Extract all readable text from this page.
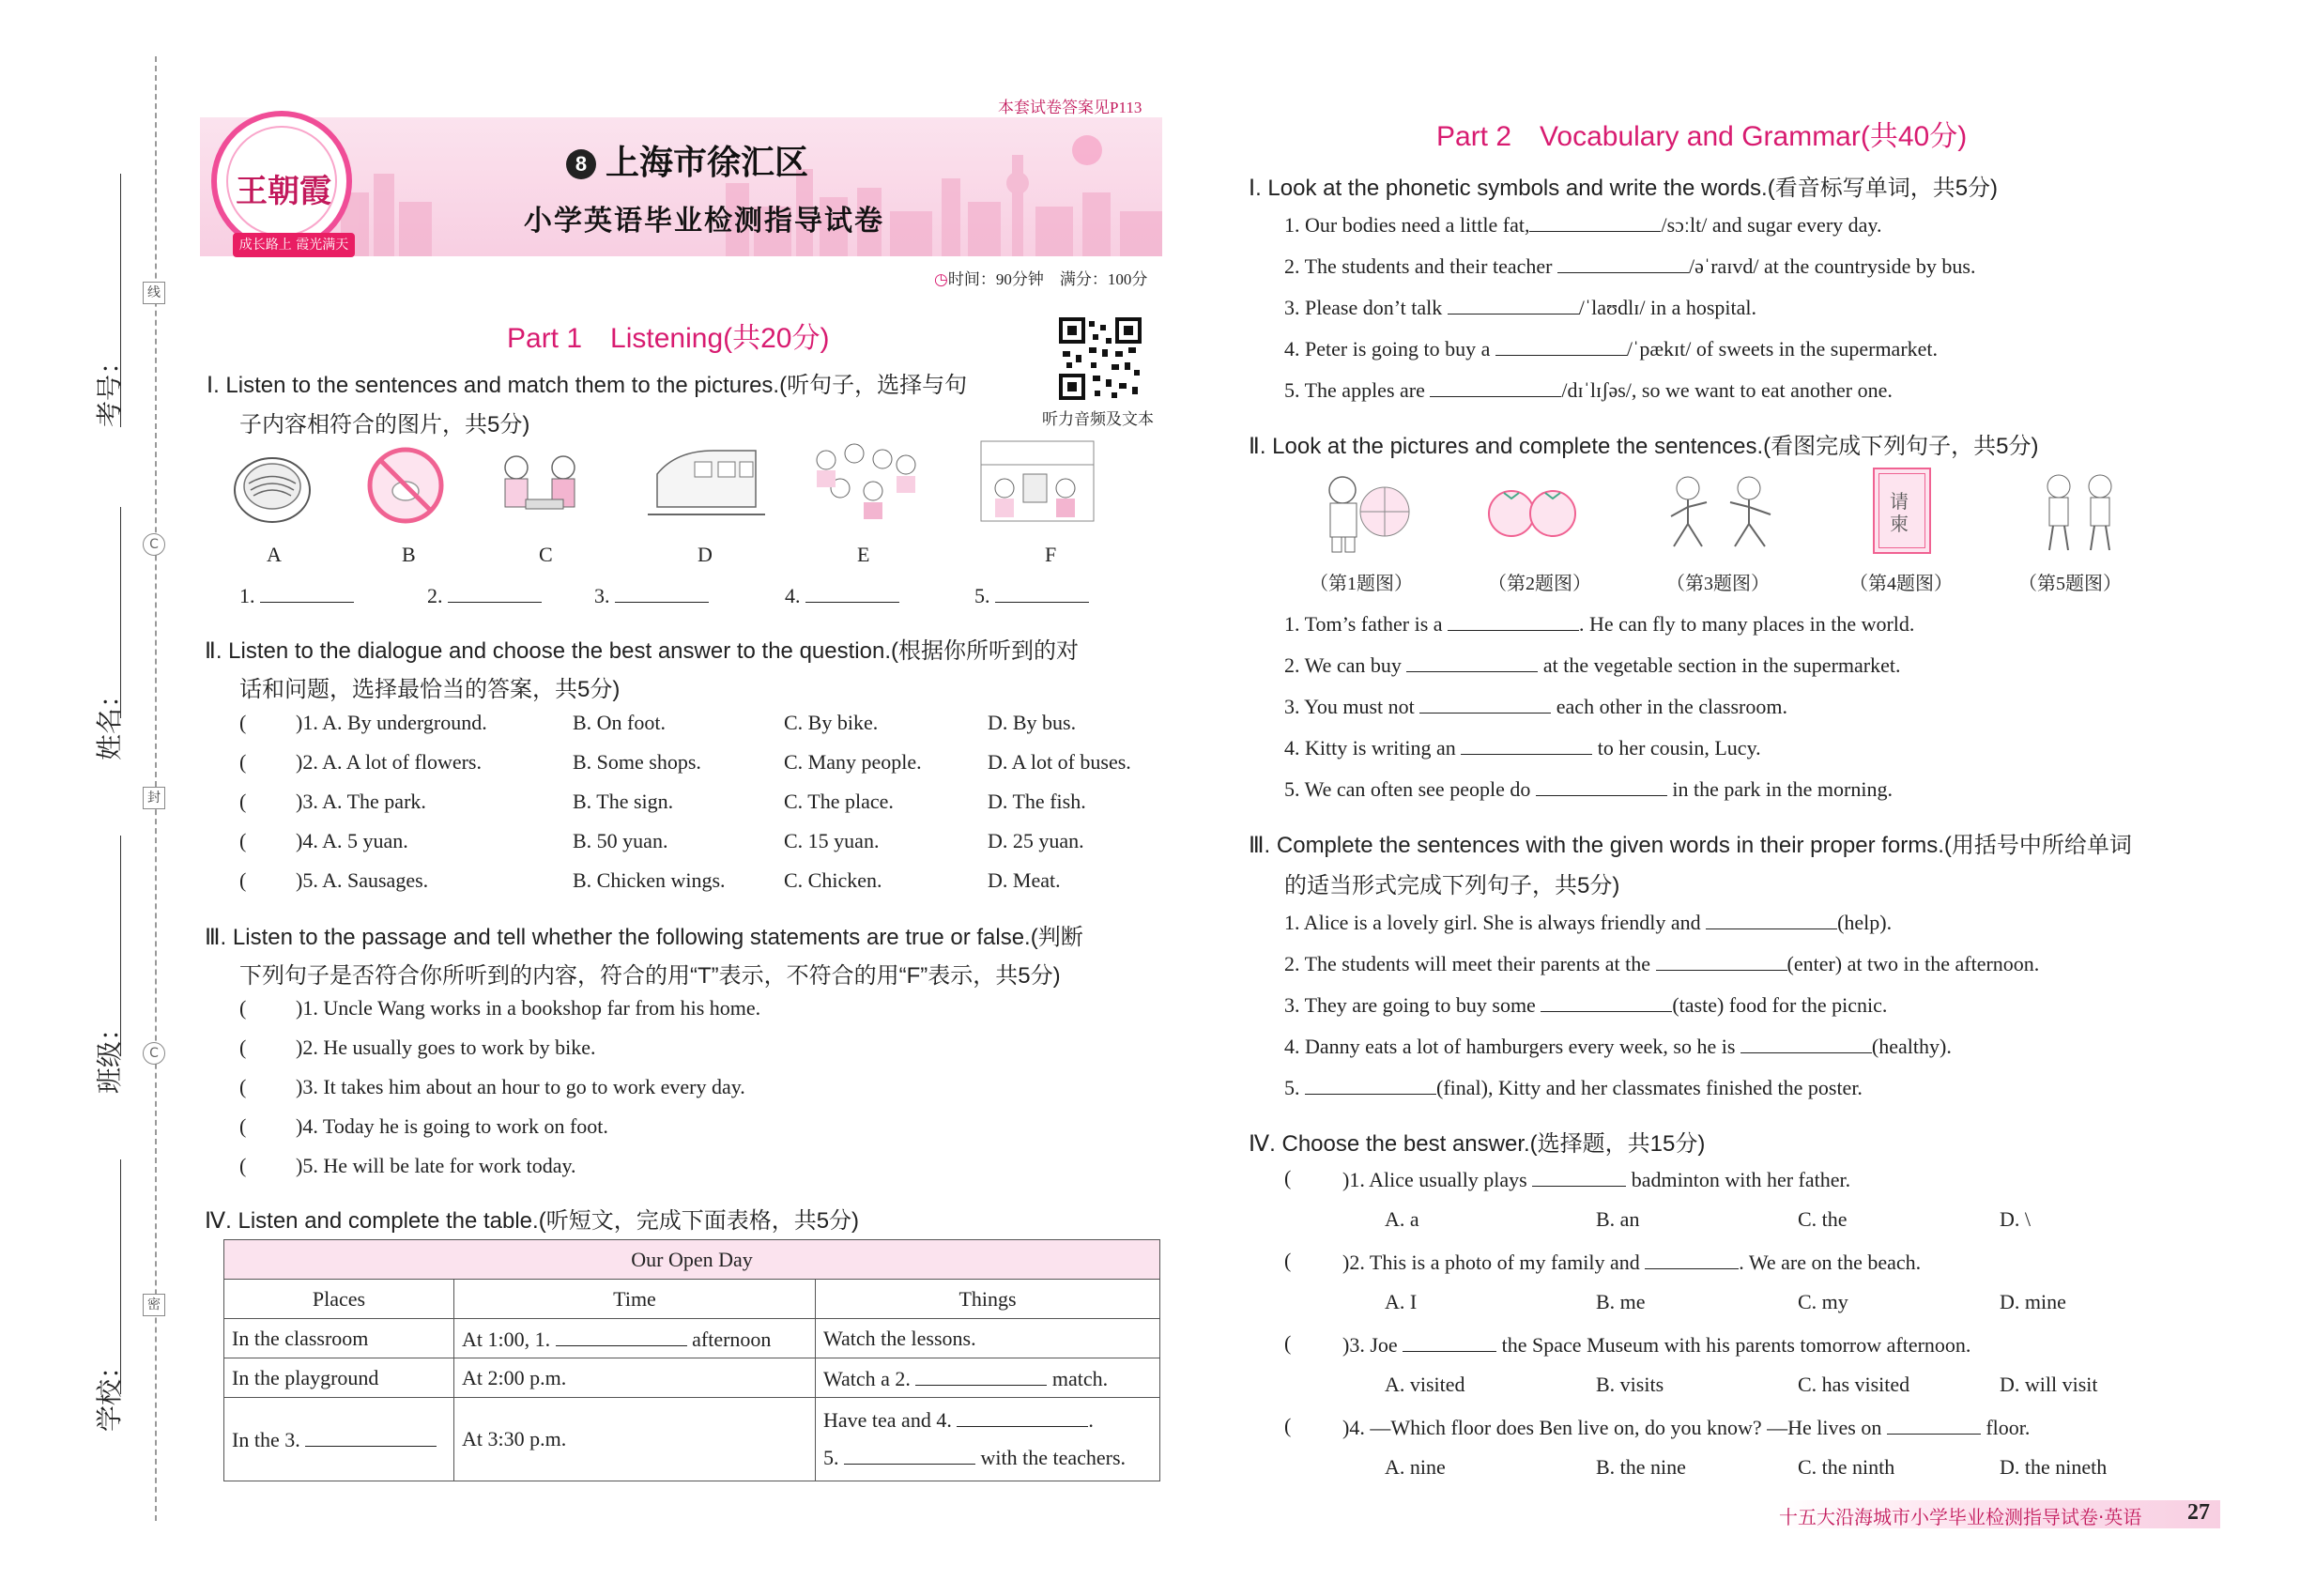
考号：
姓名：
班级：
学校：
线
C
封
C
密
本套试卷答案见P113
8 上海市徐汇区
小学英语毕业检测指导试卷
王朝霞
成长路上 霞光满天
◷时间：90分钟　满分：100分
听力音频及文本
Part 1　Listening(共20分)
Ⅰ. Listen to the sentences and match them to the pictures.(听句子，选择与句
子内容相符合的图片，共5分)
A	B	C	D	E	F
1.	2.	3.	4.	5.
Ⅱ. Listen to the dialogue and choose the best answer to the question.(根据你所听到的对
话和问题，选择最恰当的答案，共5分)
( )1. A. By underground.	B. On foot.	C. By bike.	D. By bus.
( )2. A. A lot of flowers.	B. Some shops.	C. Many people.	D. A lot of buses.
( )3. A. The park.	B. The sign.	C. The place.	D. The fish.
( )4. A. 5 yuan.	B. 50 yuan.	C. 15 yuan.	D. 25 yuan.
( )5. A. Sausages.	B. Chicken wings.	C. Chicken.	D. Meat.
Ⅲ. Listen to the passage and tell whether the following statements are true or false.(判断
下列句子是否符合你所听到的内容，符合的用“T”表示，不符合的用“F”表示，共5分)
( )1. Uncle Wang works in a bookshop far from his home.
( )2. He usually goes to work by bike.
( )3. It takes him about an hour to go to work every day.
( )4. Today he is going to work on foot.
( )5. He will be late for work today.
Ⅳ. Listen and complete the table.(听短文，完成下面表格，共5分)
Our Open Day		
Places	Time	Things
In the classroom	At 1:00, 1. afternoon	Watch the lessons.
In the playground	At 2:00 p.m.	Watch a 2. match.
In the 3.	At 3:30 p.m.	Have tea and 4. .
5. with the teachers.
Part 2　Vocabulary and Grammar(共40分)
Ⅰ. Look at the phonetic symbols and write the words.(看音标写单词，共5分)
1. Our bodies need a little fat,	/sɔːlt/ and sugar every day.
2. The students and their teacher	/əˈraɪvd/ at the countryside by bus.
3. Please don’t talk	/ˈlaʊdlɪ/ in a hospital.
4. Peter is going to buy a	/ˈpækɪt/ of sweets in the supermarket.
5. The apples are	/dɪˈlɪʃəs/, so we want to eat another one.
Ⅱ. Look at the pictures and complete the sentences.(看图完成下列句子，共5分)
请柬
（第1题图）	（第2题图）	（第3题图）	（第4题图）	（第5题图）
1. Tom’s father is a	. He can fly to many places in the world.
2. We can buy	at the vegetable section in the supermarket.
3. You must not	each other in the classroom.
4. Kitty is writing an	to her cousin, Lucy.
5. We can often see people do	in the park in the morning.
Ⅲ. Complete the sentences with the given words in their proper forms.(用括号中所给单词
的适当形式完成下列句子，共5分)
1. Alice is a lovely girl. She is always friendly and	(help).
2. The students will meet their parents at the	(enter) at two in the afternoon.
3. They are going to buy some	(taste) food for the picnic.
4. Danny eats a lot of hamburgers every week, so he is	(healthy).
5.	(final), Kitty and her classmates finished the poster.
Ⅳ. Choose the best answer.(选择题，共15分)
( )1. Alice usually plays	badminton with her father.
A. a	B. an	C. the	D. \
( )2. This is a photo of my family and	. We are on the beach.
A. I	B. me	C. my	D. mine
( )3. Joe	the Space Museum with his parents tomorrow afternoon.
A. visited	B. visits	C. has visited	D. will visit
( )4. —Which floor does Ben live on, do you know? —He lives on	floor.
A. nine	B. the nine	C. the ninth	D. the nineth
十五大沿海城市小学毕业检测指导试卷·英语 27
